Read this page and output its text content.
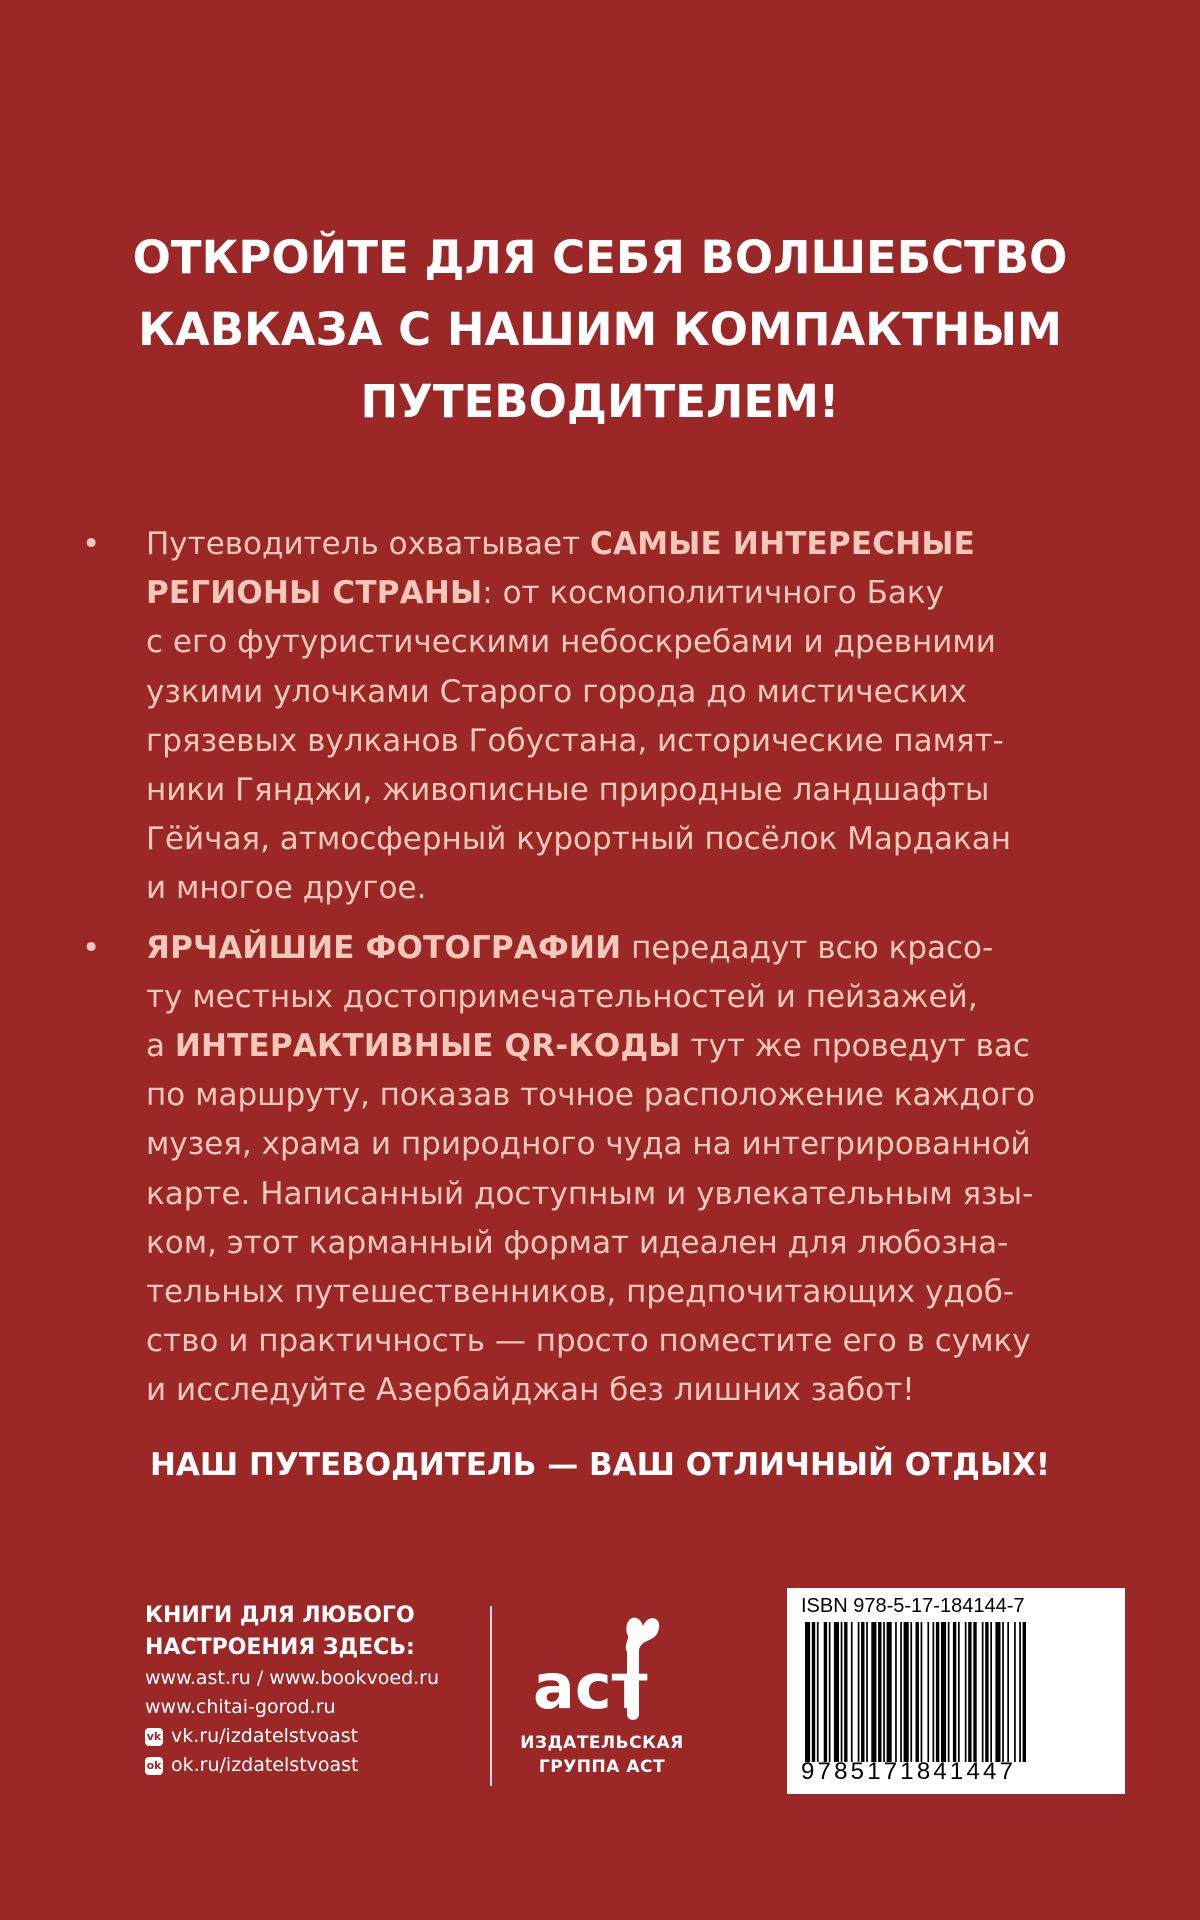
ОТКРОЙТЕ ДЛЯ СЕБЯ ВОЛШЕБСТВО
КАВКАЗА С НАШИМ КОМПАКТНЫМ
ПУТЕВОДИТЕЛЕМ!
• Путеводитель охватывает САМЫЕ ИНТЕРЕСНЫЕ
РЕГИОНЫ СТРАНЫ: от космополитичного Баку
с его футуристическими небоскребами и древними
узкими улочками Старого города до мистических
грязевых вулканов Гобустана, исторические памят-
ники Гянджи, живописные природные ландшафты
Гёйчая, атмосферный курортный посёлок Мардакан
и многое другое.
• ЯРЧАЙШИЕ ФОТОГРАФИИ передадут всю красо-
ту местных достопримечательностей и пейзажей,
а ИНТЕРАКТИВНЫЕ QR-КОДЫ тут же проведут вас
по маршруту, показав точное расположение каждого
музея, храма и природного чуда на интегрированной
карте. Написанный доступным и увлекательным язы-
ком, этот карманный формат идеален для любозна-
тельных путешественников, предпочитающих удоб-
ство и практичность — просто поместите его в сумку
и исследуйте Азербайджан без лишних забот!

НАШ ПУТЕВОДИТЕЛЬ — ВАШ ОТЛИЧНЫЙ ОТДЫХ!

КНИГИ ДЛЯ ЛЮБОГО
НАСТРОЕНИЯ ЗДЕСЬ:
www.ast.ru / www.bookvoed.ru
www.chitai-gorod.ru
vk vk.ru/izdatelstvoast
ok ok.ru/izdatelstvoast
аст
ИЗДАТЕЛЬСКАЯ
ГРУППА АСТ
ISBN 978-5-17-184144-7
9785171841447
